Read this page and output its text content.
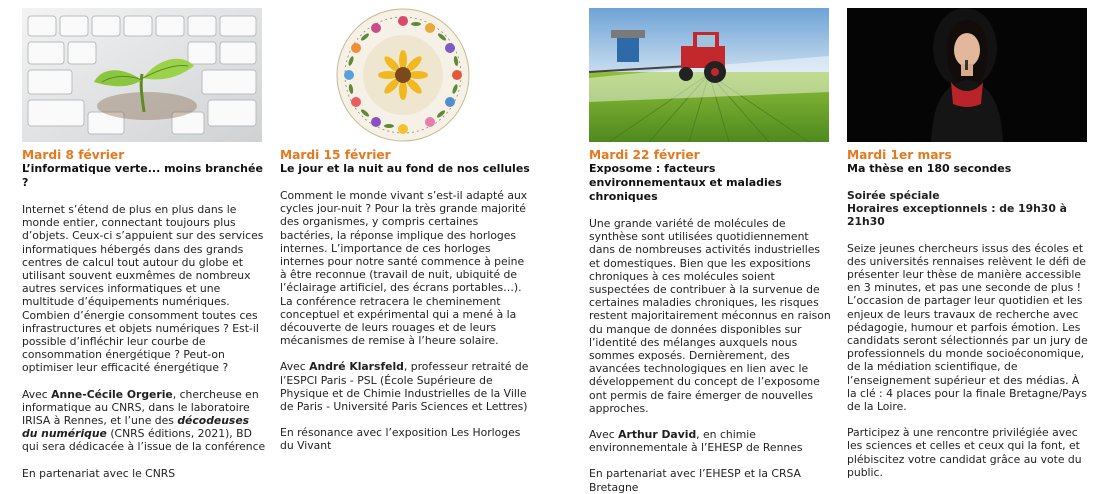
Mardi 8 février
L’informatique verte... moins branchée ?
Internet s’étend de plus en plus dans le monde entier, connectant toujours plus d’objets. Ceux-ci s’appuient sur des services informatiques hébergés dans des grands centres de calcul tout autour du globe et utilisant souvent euxmêmes de nombreux autres services informatiques et une multitude d’équipements numériques. Combien d’énergie consomment toutes ces infrastructures et objets numériques ? Est-il possible d’infléchir leur courbe de consommation énergétique ? Peut-on optimiser leur efficacité énergétique ?
Avec Anne-Cécile Orgerie, chercheuse en informatique au CNRS, dans le laboratoire IRISA à Rennes, et l’une des décodeuses du numérique (CNRS éditions, 2021), BD qui sera dédicacée à l’issue de la conférence
En partenariat avec le CNRS
Mardi 15 février
Le jour et la nuit au fond de nos cellules
Comment le monde vivant s’est-il adapté aux cycles jour-nuit ? Pour la très grande majorité des organismes, y compris certaines bactéries, la réponse implique des horloges internes. L’importance de ces horloges internes pour notre santé commence à peine à être reconnue (travail de nuit, ubiquité de l’éclairage artificiel, des écrans portables…). La conférence retracera le cheminement conceptuel et expérimental qui a mené à la découverte de leurs rouages et de leurs mécanismes de remise à l’heure solaire.
Avec André Klarsfeld, professeur retraité de l’ESPCI Paris - PSL (École Supérieure de Physique et de Chimie Industrielles de la Ville de Paris - Université Paris Sciences et Lettres)
En résonance avec l’exposition Les Horloges du Vivant
Mardi 22 février
Exposome : facteurs environnementaux et maladies chroniques
Une grande variété de molécules de synthèse sont utilisées quotidiennement dans de nombreuses activités industrielles et domestiques. Bien que les expositions chroniques à ces molécules soient suspectées de contribuer à la survenue de certaines maladies chroniques, les risques restent majoritairement méconnus en raison du manque de données disponibles sur l’identité des mélanges auxquels nous sommes exposés. Dernièrement, des avancées technologiques en lien avec le développement du concept de l’exposome ont permis de faire émerger de nouvelles approches.
Avec Arthur David, en chimie environnementale à l’EHESP de Rennes
En partenariat avec l’EHESP et la CRSA Bretagne
Mardi 1er mars
Ma thèse en 180 secondes
Soirée spéciale
Horaires exceptionnels : de 19h30 à 21h30
Seize jeunes chercheurs issus des écoles et des universités rennaises relèvent le défi de présenter leur thèse de manière accessible en 3 minutes, et pas une seconde de plus ! L’occasion de partager leur quotidien et les enjeux de leurs travaux de recherche avec pédagogie, humour et parfois émotion. Les candidats seront sélectionnés par un jury de professionnels du monde socioéconomique, de la médiation scientifique, de l’enseignement supérieur et des médias. À la clé : 4 places pour la finale Bretagne/Pays de la Loire.
Participez à une rencontre privilégiée avec les sciences et celles et ceux qui la font, et plébiscitez votre candidat grâce au vote du public.
